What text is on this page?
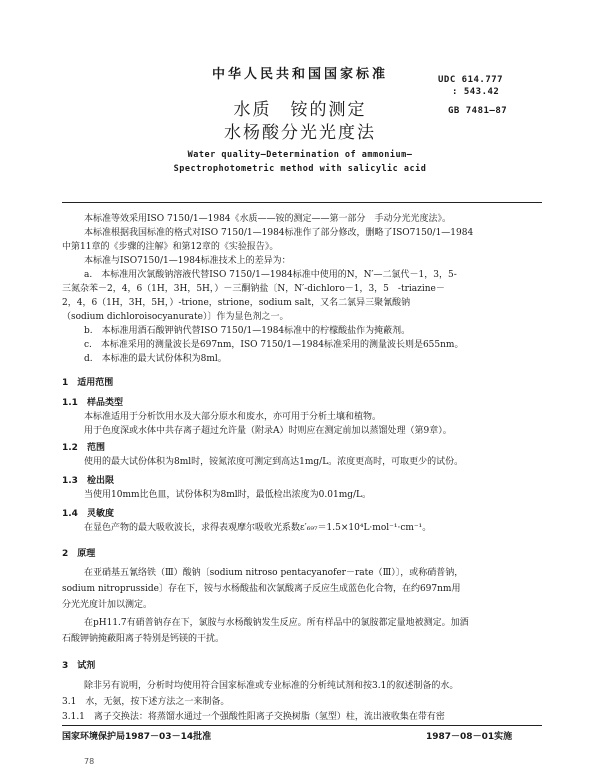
中华人民共和国国家标准	UDC 614.777
: 543.42
GB 7481—87
水质　铵的测定
水杨酸分光光度法
Water quality—Determination of ammonium—
Spectrophotometric method with salicylic acid
本标准等效采用ISO 7150/1—1984《水质——铵的测定——第一部分　手动分光光度法》。
本标准根据我国标准的格式对ISO 7150/1—1984标准作了部分修改，删略了ISO7150/1—1984
中第11章的《步骤的注解》和第12章的《实验报告》。
本标准与ISO7150/1—1984标准技术上的差异为：
a.　本标准用次氯酸钠溶液代替ISO 7150/1—1984标准中使用的N，N′—二氯代－1，3，5-
三氮杂苯－2，4，6（1H，3H，5H，）－三酮钠盐〔N，N′-dichloro－1，3，5　-triazine－
2，4，6（1H，3H，5H，）-trione，strione，sodium salt，又名二氯异三聚氰酸钠
（sodium dichloroisocyanurate）〕作为显色剂之一。
b.　本标准用酒石酸钾钠代替ISO 7150/1—1984标准中的柠檬酸盐作为掩蔽剂。
c.　本标准采用的测量波长是697nm，ISO 7150/1—1984标准采用的测量波长则是655nm。
d.　本标准的最大试份体积为8ml。
1　适用范围
1.1　样品类型
本标准适用于分析饮用水及大部分原水和废水，亦可用于分析土壤和植物。
用于色度深或水体中共存离子超过允许量（附录A）时则应在测定前加以蒸馏处理（第9章）。
1.2　范围
使用的最大试份体积为8ml时，铵氮浓度可测定到高达1mg/L。浓度更高时，可取更少的试份。
1.3　检出限
当使用10mm比色皿，试份体积为8ml时，最低检出浓度为0.01mg/L。
1.4　灵敏度
在显色产物的最大吸收波长，求得表观摩尔吸收光系数ε′₆₉₇＝1.5×10⁴L·mol⁻¹·cm⁻¹。
2　原理
在亚硝基五氰络铁（Ⅲ）酸钠〔sodium nitroso pentacyanofer－rate（Ⅲ）〕，或称硝普钠，
sodium nitroprusside〕存在下，铵与水杨酸盐和次氯酸离子反应生成蓝色化合物，在约697nm用
分光光度计加以测定。
在pH11.7有硝普钠存在下，氯胺与水杨酸钠发生反应。所有样品中的氯胺都定量地被测定。加酒
石酸钾钠掩蔽阳离子特别是钙镁的干扰。
3　试剂
除非另有说明，分析时均使用符合国家标准或专业标准的分析纯试剂和按3.1的叙述制备的水。
3.1　水，无氨，按下述方法之一来制备。
3.1.1　离子交换法：将蒸馏水通过一个强酸性阳离子交换树脂（氢型）柱，流出液收集在带有密
国家环境保护局1987－03－14批准	1987－08－01实施
78
